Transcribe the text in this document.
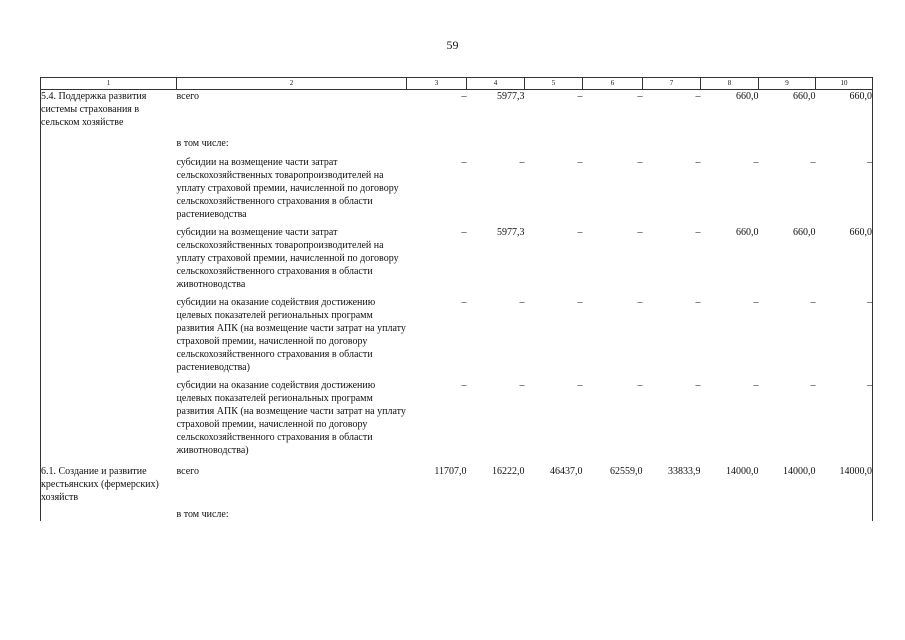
59
1	2	3	4	5	6	7	8	9	10
5.4. Поддержка развития системы страхования в сельском хозяйстве	всего	–	5977,3	–	–	–	660,0	660,0	660,0
	в том числе:								
	субсидии на возмещение части затрат сельскохозяйственных товаропроизводителей на уплату страховой премии, начисленной по договору сельскохозяйственного страхования в области растениеводства	–	–	–	–	–	–	–	–
	субсидии на возмещение части затрат сельскохозяйственных товаропроизводителей на уплату страховой премии, начисленной по договору сельскохозяйственного страхования в области животноводства	–	5977,3	–	–	–	660,0	660,0	660,0
	субсидии на оказание содействия достижению целевых показателей региональных программ развития АПК (на возмещение части затрат на уплату страховой премии, начисленной по договору сельскохозяйственного страхования в области растениеводства)	–	–	–	–	–	–	–	–
	субсидии на оказание содействия достижению целевых показателей региональных программ развития АПК (на возмещение части затрат на уплату страховой премии, начисленной по договору сельскохозяйственного страхования в области животноводства)	–	–	–	–	–	–	–	–
6.1. Создание и развитие крестьянских (фермерских) хозяйств	всего	11707,0	16222,0	46437,0	62559,0	33833,9	14000,0	14000,0	14000,0
	в том числе:								
